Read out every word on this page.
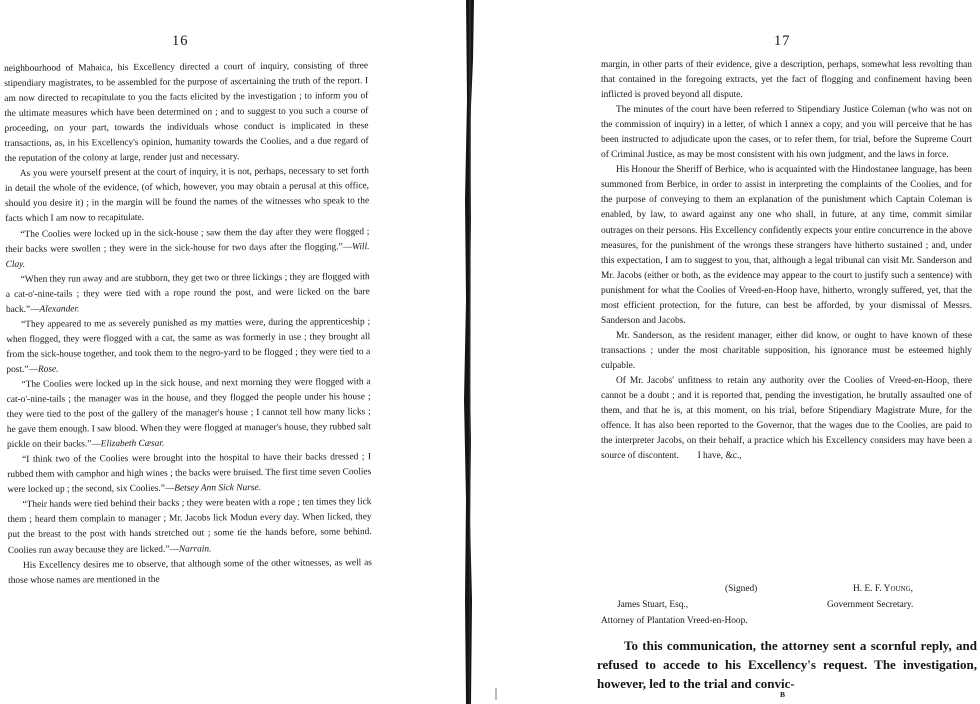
16

neighbourhood of Mahaica, his Excellency directed a court of inquiry, consisting of three stipendiary magistrates, to be assembled for the purpose of ascertaining the truth of the report. I am now directed to recapitulate to you the facts elicited by the investigation ; to inform you of the ultimate measures which have been determined on ; and to suggest to you such a course of proceeding, on your part, towards the individuals whose conduct is implicated in these transactions, as, in his Excellency's opinion, humanity towards the Coolies, and a due regard of the reputation of the colony at large, render just and necessary.

As you were yourself present at the court of inquiry, it is not, perhaps, necessary to set forth in detail the whole of the evidence, (of which, however, you may obtain a perusal at this office, should you desire it) ; in the margin will be found the names of the witnesses who speak to the facts which I am now to recapitulate.

“The Coolies were locked up in the sick-house ; saw them the day after they were flogged ; their backs were swollen ; they were in the sick-house for two days after the flogging.”—Will. Clay.

“When they run away and are stubborn, they get two or three lickings ; they are flogged with a cat-o'-nine-tails ; they were tied with a rope round the post, and were licked on the bare back.”—Alexander.

“They appeared to me as severely punished as my matties were, during the apprenticeship ; when flogged, they were flogged with a cat, the same as was formerly in use ; they brought all from the sick-house together, and took them to the negro-yard to be flogged ; they were tied to a post.”—Rose.

“The Coolies were locked up in the sick house, and next morning they were flogged with a cat-o'-nine-tails ; the manager was in the house, and they flogged the people under his house ; they were tied to the post of the gallery of the manager's house ; I cannot tell how many licks ; he gave them enough. I saw blood. When they were flogged at manager's house, they rubbed salt pickle on their backs.”—Elizabeth Cæsar.

“I think two of the Coolies were brought into the hospital to have their backs dressed ; I rubbed them with camphor and high wines ; the backs were bruised. The first time seven Coolies were locked up ; the second, six Coolies.”—Betsey Ann Sick Nurse.

“Their hands were tied behind their backs ; they were beaten with a rope ; ten times they lick them ; heard them complain to manager ; Mr. Jacobs lick Modun every day. When licked, they put the breast to the post with hands stretched out ; some tie the hands before, some behind. Coolies run away because they are licked.”—Narrain.

His Excellency desires me to observe, that although some of the other witnesses, as well as those whose names are mentioned in the

17

margin, in other parts of their evidence, give a description, perhaps, somewhat less revolting than that contained in the foregoing extracts, yet the fact of flogging and confinement having been inflicted is proved beyond all dispute.

The minutes of the court have been referred to Stipendiary Justice Coleman (who was not on the commission of inquiry) in a letter, of which I annex a copy, and you will perceive that he has been instructed to adjudicate upon the cases, or to refer them, for trial, before the Supreme Court of Criminal Justice, as may be most consistent with his own judgment, and the laws in force.

His Honour the Sheriff of Berbice, who is acquainted with the Hindostanee language, has been summoned from Berbice, in order to assist in interpreting the complaints of the Coolies, and for the purpose of conveying to them an explanation of the punishment which Captain Coleman is enabled, by law, to award against any one who shall, in future, at any time, commit similar outrages on their persons. His Excellency confidently expects your entire concurrence in the above measures, for the punishment of the wrongs these strangers have hitherto sustained ; and, under this expectation, I am to suggest to you, that, although a legal tribunal can visit Mr. Sanderson and Mr. Jacobs (either or both, as the evidence may appear to the court to justify such a sentence) with punishment for what the Coolies of Vreed-en-Hoop have, hitherto, wrongly suffered, yet, that the most efficient protection, for the future, can best be afforded, by your dismissal of Messrs. Sanderson and Jacobs.

Mr. Sanderson, as the resident manager, either did know, or ought to have known of these transactions ; under the most charitable supposition, his ignorance must be esteemed highly culpable.

Of Mr. Jacobs' unfitness to retain any authority over the Coolies of Vreed-en-Hoop, there cannot be a doubt ; and it is reported that, pending the investigation, he brutally assaulted one of them, and that he is, at this moment, on his trial, before Stipendiary Magistrate Mure, for the offence. It has also been reported to the Governor, that the wages due to the Coolies, are paid to the interpreter Jacobs, on their behalf, a practice which his Excellency considers may have been a source of discontent. I have, &c.,

(Signed)	H. E. F. Young,
James Stuart, Esq.,	Government Secretary.
Attorney of Plantation Vreed-en-Hoop.

To this communication, the attorney sent a scornful reply, and refused to accede to his Excellency's request. The investigation, however, led to the trial and convic-

B
